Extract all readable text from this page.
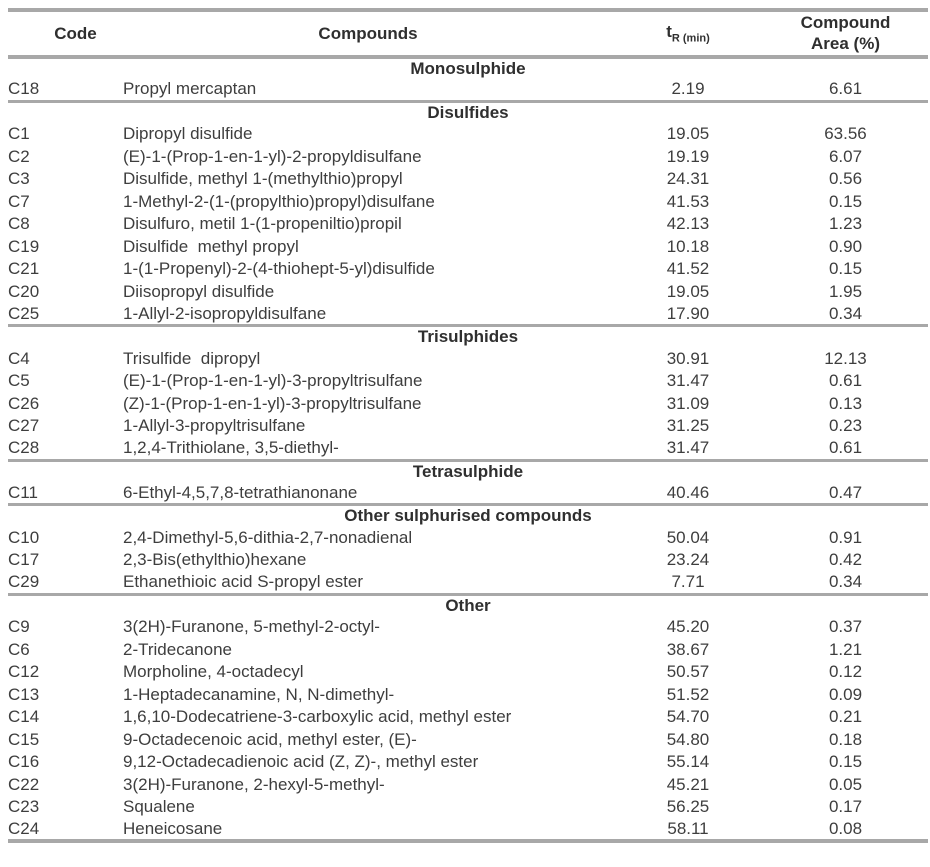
Code	Compounds	$t_{R (min)}$	Compound
Area (%)

Monosulphide			
C18	Propyl mercaptan	2.19	6.61
Disulfides			
C1	Dipropyl disulfide	19.05	63.56
C2	(E)-1-(Prop-1-en-1-yl)-2-propyldisulfane	19.19	6.07
C3	Disulfide, methyl 1-(methylthio)propyl	24.31	0.56
C7	1-Methyl-2-(1-(propylthio)propyl)disulfane	41.53	0.15
C8	Disulfuro, metil 1-(1-propeniltio)propil	42.13	1.23
C19	Disulfide  methyl propyl	10.18	0.90
C21	1-(1-Propenyl)-2-(4-thiohept-5-yl)disulfide	41.52	0.15
C20	Diisopropyl disulfide	19.05	1.95
C25	1-Allyl-2-isopropyldisulfane	17.90	0.34
Trisulphides			
C4	Trisulfide  dipropyl	30.91	12.13
C5	(E)-1-(Prop-1-en-1-yl)-3-propyltrisulfane	31.47	0.61
C26	(Z)-1-(Prop-1-en-1-yl)-3-propyltrisulfane	31.09	0.13
C27	1-Allyl-3-propyltrisulfane	31.25	0.23
C28	1,2,4-Trithiolane, 3,5-diethyl-	31.47	0.61
Tetrasulphide			
C11	6-Ethyl-4,5,7,8-tetrathianonane	40.46	0.47
Other sulphurised compounds			
C10	2,4-Dimethyl-5,6-dithia-2,7-nonadienal	50.04	0.91
C17	2,3-Bis(ethylthio)hexane	23.24	0.42
C29	Ethanethioic acid S-propyl ester	7.71	0.34
Other			
C9	3(2H)-Furanone, 5-methyl-2-octyl-	45.20	0.37
C6	2-Tridecanone	38.67	1.21
C12	Morpholine, 4-octadecyl	50.57	0.12
C13	1-Heptadecanamine, N, N-dimethyl-	51.52	0.09
C14	1,6,10-Dodecatriene-3-carboxylic acid, methyl ester	54.70	0.21
C15	9-Octadecenoic acid, methyl ester, (E)-	54.80	0.18
C16	9,12-Octadecadienoic acid (Z, Z)-, methyl ester	55.14	0.15
C22	3(2H)-Furanone, 2-hexyl-5-methyl-	45.21	0.05
C23	Squalene	56.25	0.17
C24	Heneicosane	58.11	0.08
